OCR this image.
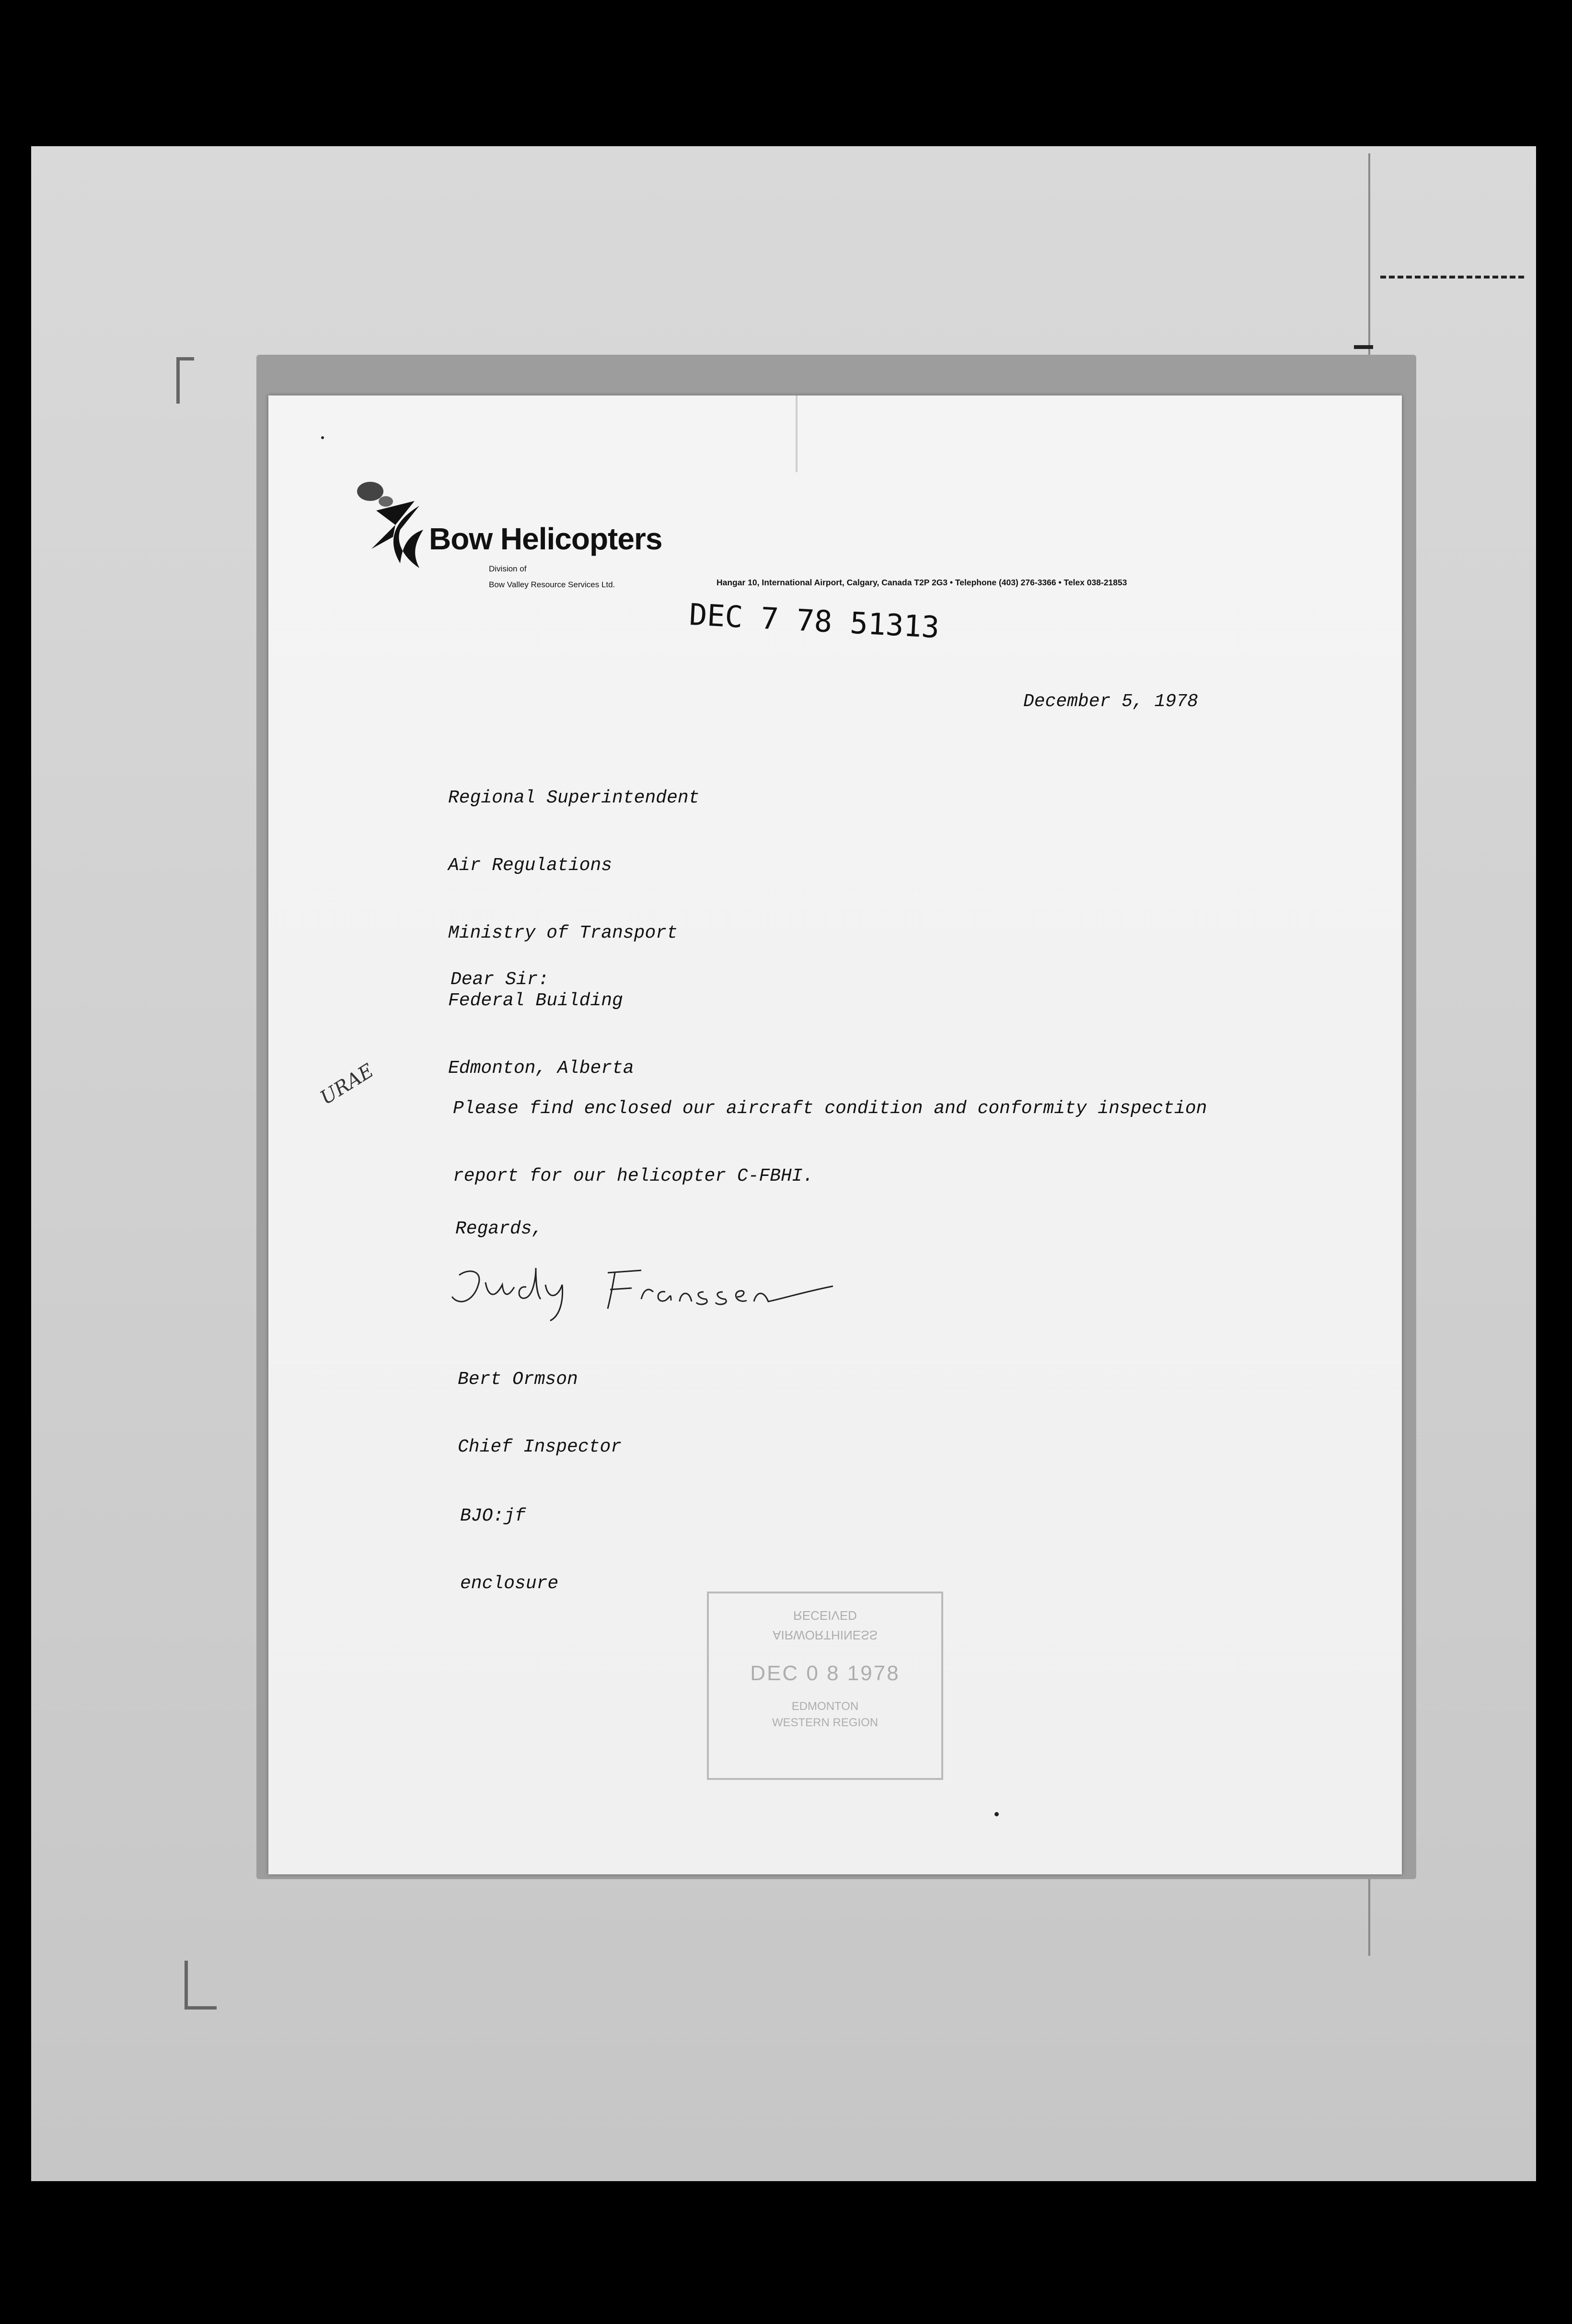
Bow Helicopters
Division of
Bow Valley Resource Services Ltd.	Hangar 10, International Airport, Calgary, Canada T2P 2G3 • Telephone (403) 276-3366 • Telex 038-21853
DEC 7 78 51313
December 5, 1978

Regional Superintendent

Air Regulations

Ministry of Transport

Federal Building

Edmonton, Alberta

Dear Sir:
URAE

	Please find enclosed our aircraft condition and conformity inspection

report for our helicopter C-FBHI.

Regards,

Bert Ormson

Chief Inspector

BJO:jf

enclosure

RECEIVED
AIRWORTHINESS
DEC 0 8 1978
EDMONTON
WESTERN REGION
